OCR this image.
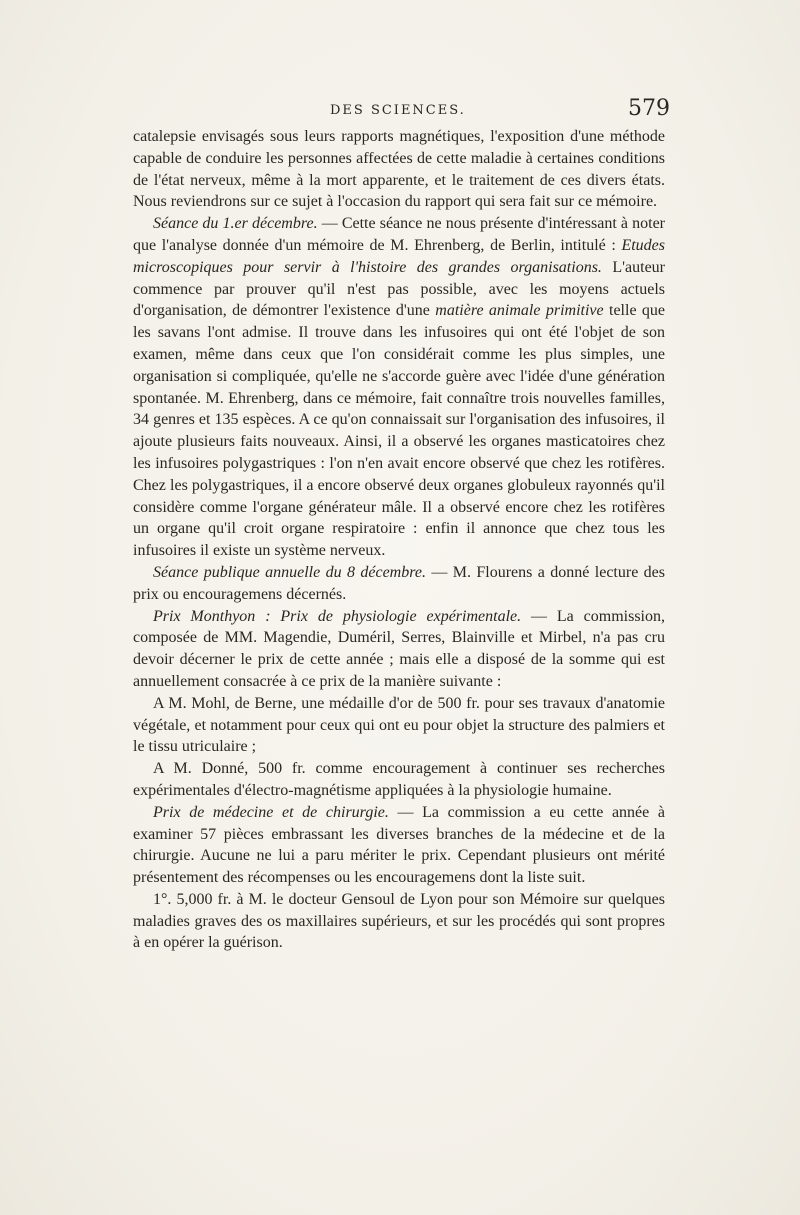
DES SCIENCES.	579

catalepsie envisagés sous leurs rapports magnétiques, l'exposition d'une méthode capable de conduire les personnes affectées de cette maladie à certaines conditions de l'état nerveux, même à la mort apparente, et le traitement de ces divers états. Nous reviendrons sur ce sujet à l'occasion du rapport qui sera fait sur ce mémoire.

Séance du 1.er décembre. — Cette séance ne nous présente d'intéressant à noter que l'analyse donnée d'un mémoire de M. Ehrenberg, de Berlin, intitulé : Etudes microscopiques pour servir à l'histoire des grandes organisations. L'auteur commence par prouver qu'il n'est pas possible, avec les moyens actuels d'organisation, de démontrer l'existence d'une matière animale primitive telle que les savans l'ont admise. Il trouve dans les infusoires qui ont été l'objet de son examen, même dans ceux que l'on considérait comme les plus simples, une organisation si compliquée, qu'elle ne s'accorde guère avec l'idée d'une génération spontanée. M. Ehrenberg, dans ce mémoire, fait connaître trois nouvelles familles, 34 genres et 135 espèces. A ce qu'on connaissait sur l'organisation des infusoires, il ajoute plusieurs faits nouveaux. Ainsi, il a observé les organes masticatoires chez les infusoires polygastriques : l'on n'en avait encore observé que chez les rotifères. Chez les polygastriques, il a encore observé deux organes globuleux rayonnés qu'il considère comme l'organe générateur mâle. Il a observé encore chez les rotifères un organe qu'il croit organe respiratoire : enfin il annonce que chez tous les infusoires il existe un système nerveux.

Séance publique annuelle du 8 décembre. — M. Flourens a donné lecture des prix ou encouragemens décernés.

Prix Monthyon : Prix de physiologie expérimentale. — La commission, composée de MM. Magendie, Duméril, Serres, Blainville et Mirbel, n'a pas cru devoir décerner le prix de cette année ; mais elle a disposé de la somme qui est annuellement consacrée à ce prix de la manière suivante :

A M. Mohl, de Berne, une médaille d'or de 500 fr. pour ses travaux d'anatomie végétale, et notamment pour ceux qui ont eu pour objet la structure des palmiers et le tissu utriculaire ;

A M. Donné, 500 fr. comme encouragement à continuer ses recherches expérimentales d'électro-magnétisme appliquées à la physiologie humaine.

Prix de médecine et de chirurgie. — La commission a eu cette année à examiner 57 pièces embrassant les diverses branches de la médecine et de la chirurgie. Aucune ne lui a paru mériter le prix. Cependant plusieurs ont mérité présentement des récompenses ou les encouragemens dont la liste suit.

1°. 5,000 fr. à M. le docteur Gensoul de Lyon pour son Mémoire sur quelques maladies graves des os maxillaires supérieurs, et sur les procédés qui sont propres à en opérer la guérison.
